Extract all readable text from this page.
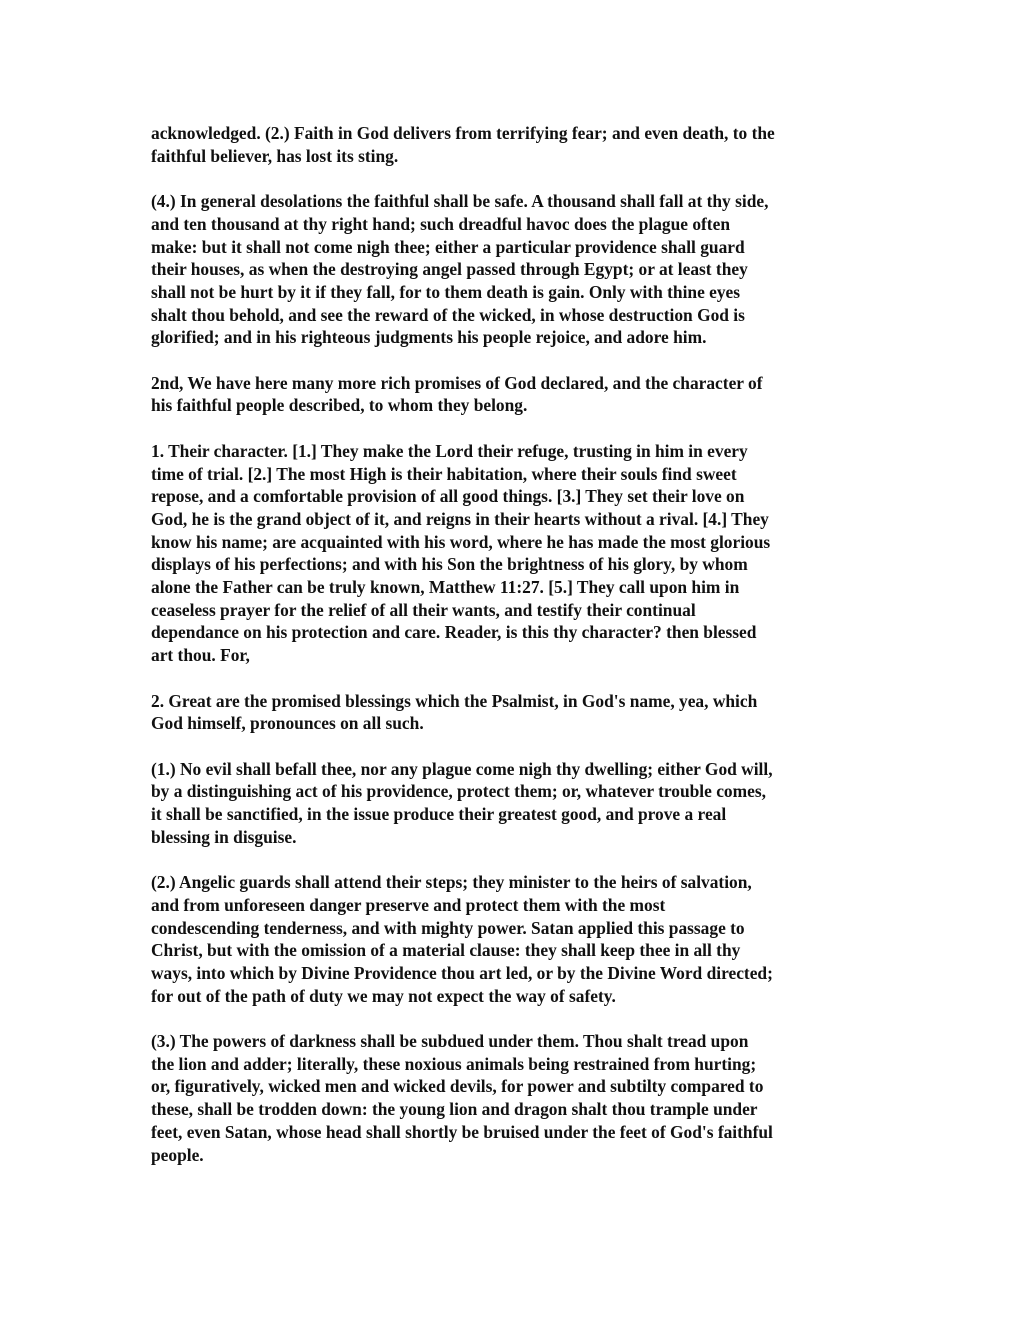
acknowledged. (2.) Faith in God delivers from terrifying fear; and even death, to the
faithful believer, has lost its sting.

(4.) In general desolations the faithful shall be safe. A thousand shall fall at thy side,
and ten thousand at thy right hand; such dreadful havoc does the plague often
make: but it shall not come nigh thee; either a particular providence shall guard
their houses, as when the destroying angel passed through Egypt; or at least they
shall not be hurt by it if they fall, for to them death is gain. Only with thine eyes
shalt thou behold, and see the reward of the wicked, in whose destruction God is
glorified; and in his righteous judgments his people rejoice, and adore him.

2nd, We have here many more rich promises of God declared, and the character of
his faithful people described, to whom they belong.

1. Their character. [1.] They make the Lord their refuge, trusting in him in every
time of trial. [2.] The most High is their habitation, where their souls find sweet
repose, and a comfortable provision of all good things. [3.] They set their love on
God, he is the grand object of it, and reigns in their hearts without a rival. [4.] They
know his name; are acquainted with his word, where he has made the most glorious
displays of his perfections; and with his Son the brightness of his glory, by whom
alone the Father can be truly known, Matthew 11:27. [5.] They call upon him in
ceaseless prayer for the relief of all their wants, and testify their continual
dependance on his protection and care. Reader, is this thy character? then blessed
art thou. For,

2. Great are the promised blessings which the Psalmist, in God's name, yea, which
God himself, pronounces on all such.

(1.) No evil shall befall thee, nor any plague come nigh thy dwelling; either God will,
by a distinguishing act of his providence, protect them; or, whatever trouble comes,
it shall be sanctified, in the issue produce their greatest good, and prove a real
blessing in disguise.

(2.) Angelic guards shall attend their steps; they minister to the heirs of salvation,
and from unforeseen danger preserve and protect them with the most
condescending tenderness, and with mighty power. Satan applied this passage to
Christ, but with the omission of a material clause: they shall keep thee in all thy
ways, into which by Divine Providence thou art led, or by the Divine Word directed;
for out of the path of duty we may not expect the way of safety.

(3.) The powers of darkness shall be subdued under them. Thou shalt tread upon
the lion and adder; literally, these noxious animals being restrained from hurting;
or, figuratively, wicked men and wicked devils, for power and subtilty compared to
these, shall be trodden down: the young lion and dragon shalt thou trample under
feet, even Satan, whose head shall shortly be bruised under the feet of God's faithful
people.
